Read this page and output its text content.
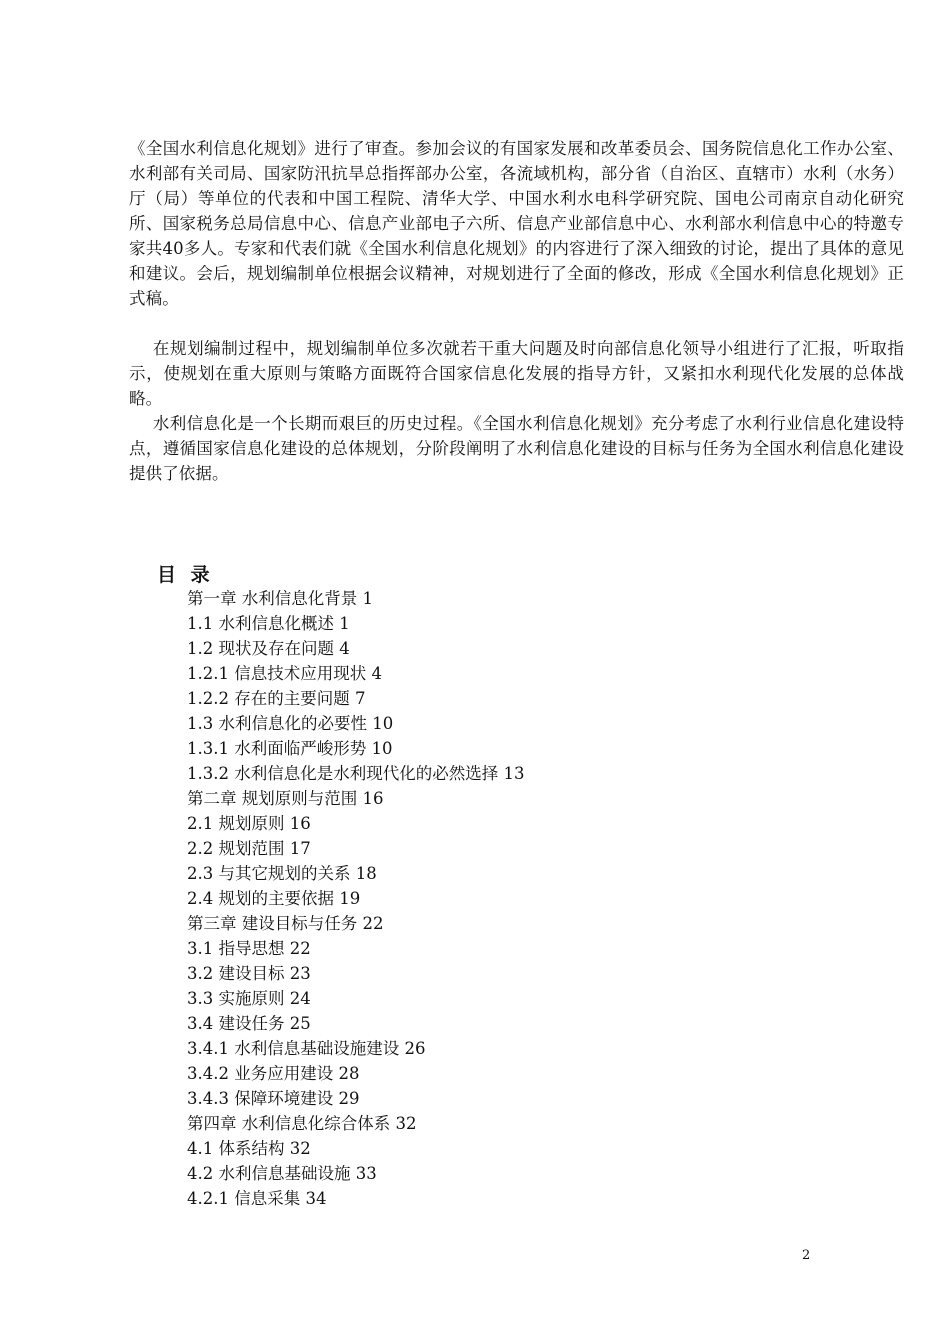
《全国水利信息化规划》进行了审查。参加会议的有国家发展和改革委员会、国务院信息化工作办公室、水利部有关司局、国家防汛抗旱总指挥部办公室，各流域机构，部分省（自治区、直辖市）水利（水务）厅（局）等单位的代表和中国工程院、清华大学、中国水利水电科学研究院、国电公司南京自动化研究所、国家税务总局信息中心、信息产业部电子六所、信息产业部信息中心、水利部水利信息中心的特邀专家共40多人。专家和代表们就《全国水利信息化规划》的内容进行了深入细致的讨论，提出了具体的意见和建议。会后，规划编制单位根据会议精神，对规划进行了全面的修改，形成《全国水利信息化规划》正式稿。
在规划编制过程中，规划编制单位多次就若干重大问题及时向部信息化领导小组进行了汇报，听取指示，使规划在重大原则与策略方面既符合国家信息化发展的指导方针，又紧扣水利现代化发展的总体战略。
水利信息化是一个长期而艰巨的历史过程。《全国水利信息化规划》充分考虑了水利行业信息化建设特点，遵循国家信息化建设的总体规划，分阶段阐明了水利信息化建设的目标与任务为全国水利信息化建设提供了依据。
目 录
第一章 水利信息化背景 1
1.1 水利信息化概述 1
1.2 现状及存在问题 4
1.2.1 信息技术应用现状 4
1.2.2 存在的主要问题 7
1.3 水利信息化的必要性 10
1.3.1 水利面临严峻形势 10
1.3.2 水利信息化是水利现代化的必然选择 13
第二章 规划原则与范围 16
2.1 规划原则 16
2.2 规划范围 17
2.3 与其它规划的关系 18
2.4 规划的主要依据 19
第三章 建设目标与任务 22
3.1 指导思想 22
3.2 建设目标 23
3.3 实施原则 24
3.4 建设任务 25
3.4.1 水利信息基础设施建设 26
3.4.2 业务应用建设 28
3.4.3 保障环境建设 29
第四章 水利信息化综合体系 32
4.1 体系结构 32
4.2 水利信息基础设施 33
4.2.1 信息采集 34
2
